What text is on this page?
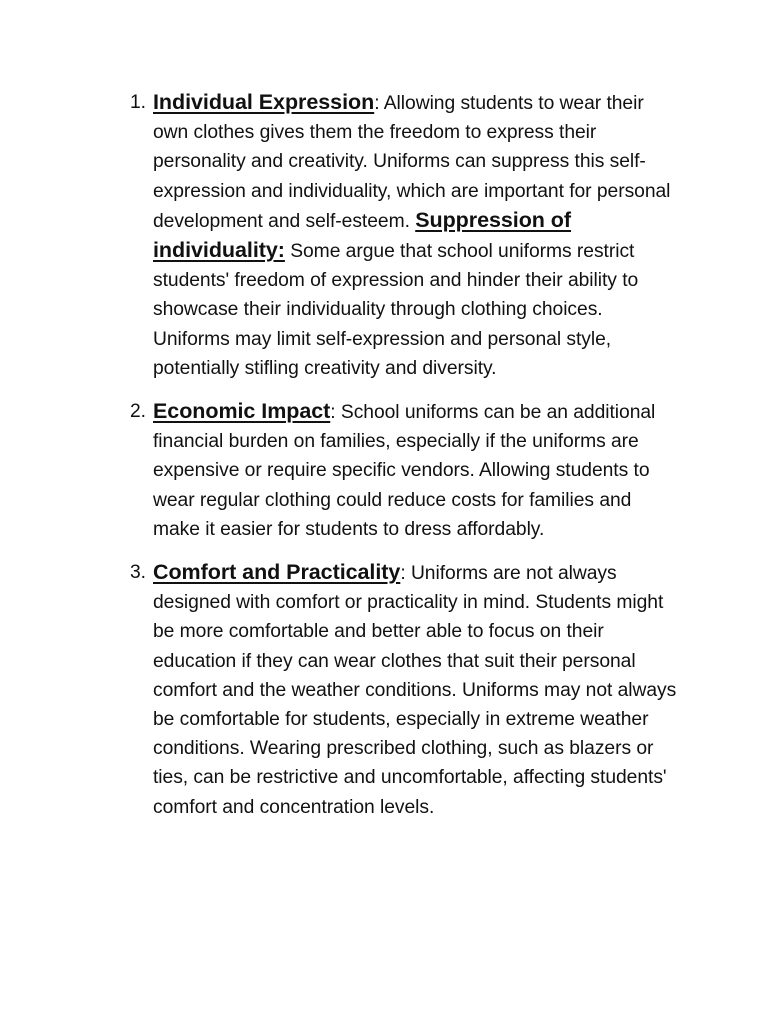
1. Individual Expression: Allowing students to wear their own clothes gives them the freedom to express their personality and creativity. Uniforms can suppress this self-expression and individuality, which are important for personal development and self-esteem. Suppression of individuality: Some argue that school uniforms restrict students' freedom of expression and hinder their ability to showcase their individuality through clothing choices. Uniforms may limit self-expression and personal style, potentially stifling creativity and diversity.
2. Economic Impact: School uniforms can be an additional financial burden on families, especially if the uniforms are expensive or require specific vendors. Allowing students to wear regular clothing could reduce costs for families and make it easier for students to dress affordably.
3. Comfort and Practicality: Uniforms are not always designed with comfort or practicality in mind. Students might be more comfortable and better able to focus on their education if they can wear clothes that suit their personal comfort and the weather conditions. Uniforms may not always be comfortable for students, especially in extreme weather conditions. Wearing prescribed clothing, such as blazers or ties, can be restrictive and uncomfortable, affecting students' comfort and concentration levels.
